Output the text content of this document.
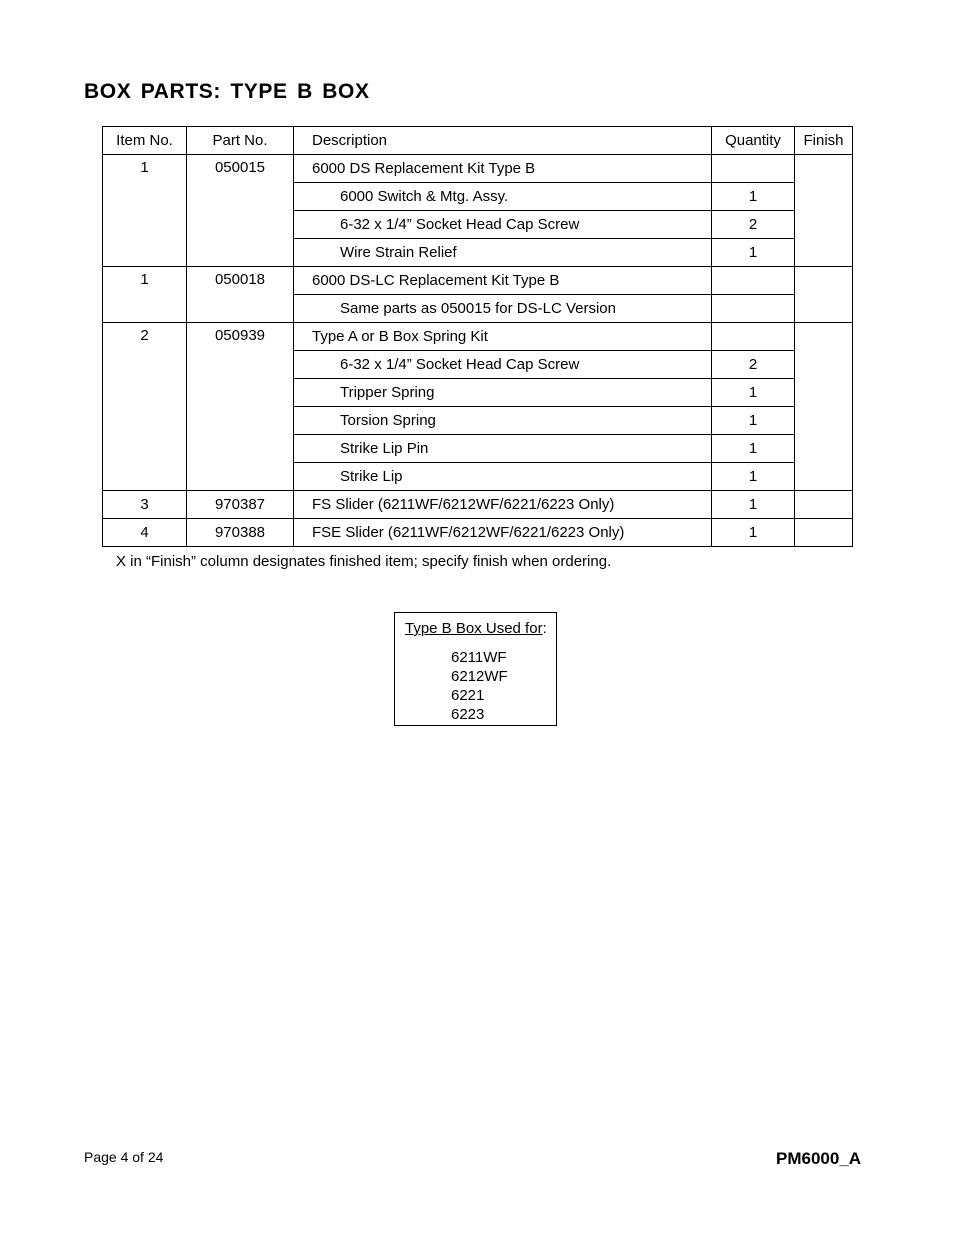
BOX PARTS: TYPE B BOX
Item No.	Part No.	Description	Quantity	Finish
1	050015	6000 DS Replacement Kit Type B		
		6000 Switch & Mtg. Assy.	1	
		6-32 x 1/4” Socket Head Cap Screw	2	
		Wire Strain Relief	1	
1	050018	6000 DS-LC Replacement Kit Type B		
		Same parts as 050015 for DS-LC Version		
2	050939	Type A or B Box Spring Kit		
		6-32 x 1/4” Socket Head Cap Screw	2	
		Tripper Spring	1	
		Torsion Spring	1	
		Strike Lip Pin	1	
		Strike Lip	1	
3	970387	FS Slider (6211WF/6212WF/6221/6223 Only)	1	
4	970388	FSE Slider (6211WF/6212WF/6221/6223 Only)	1	
X in “Finish” column designates finished item; specify finish when ordering.
Type B Box Used for:
6211WF
6212WF
6221
6223
Page 4 of 24	PM6000_A
